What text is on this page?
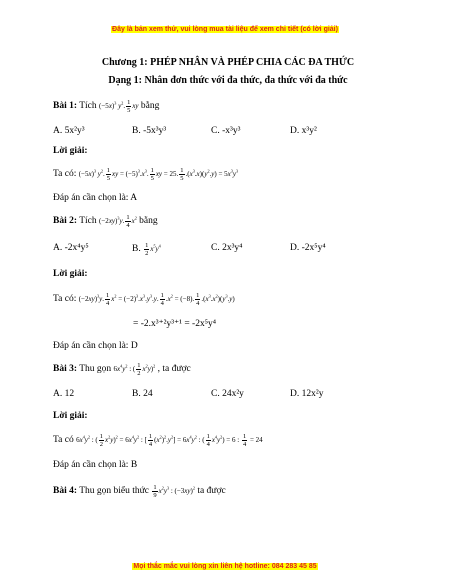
Đây là bản xem thử, vui lòng mua tài liệu để xem chi tiết (có lời giải)
Chương 1: PHÉP NHÂN VÀ PHÉP CHIA CÁC ĐA THỨC
Dạng 1: Nhân đơn thức với đa thức, đa thức với đa thức
Bài 1: Tích $(-5x)^3$ $y^2$. $\frac{1}{5}$ xy bằng
A. 5x²y³	B. -5x³y³	C. -x³y³	D. x³y²
Lời giải:
Ta có: $(-5x)^3$ $y^2$. $\frac{1}{5}$ xy = $(-5)^3.x^3$. $\frac{1}{5}$ xy = 25. $\frac{1}{5} .(x^3.x)(y^2.y) = 5x^3y^3$
Đáp án cần chọn là: A
Bài 2: Tích $(-2xy)^3y$. $\frac{1}{4} x^2$ bằng
A. -2x⁴y⁵	B. $\frac{1}{2} x^5y^4$	C. 2x³y⁴	D. -2x⁵y⁴
Lời giải:
Ta có: $(-2xy)^3y$. $\frac{1}{4} x^2 = (-2)^3.x^3.y^3.y$. $\frac{1}{4} .x^2 = (-8)$. $\frac{1}{4} .(x^3.x^2)(y^3.y)$
= -2.x³⁺²y³⁺¹ = -2x⁵y⁴
Đáp án cần chọn là: D
Bài 3: Thu gọn $6x^4y^2$ : ( $\frac{1}{2} x^2y)^2$ , ta được
A. 12	B. 24	C. 24x²y	D. 12x²y
Lời giải:
Ta có $6x^4y^2$ : ( $\frac{1}{2} x^2y)^2 = 6x^4y^2$ : [ $\frac{1}{4} (x^2)^2.y^2] = 6x^4y^2$ : ( $\frac{1}{4} x^4y^2) = 6$ : $\frac{1}{4} = 24$
Đáp án cần chọn là: B
Bài 4: Thu gọn biểu thức $\frac{1}{9} x^2y^3$ : $(-3xy)^2$ ta được
Mọi thắc mắc vui lòng xin liên hệ hotline: 084 283 45 85
